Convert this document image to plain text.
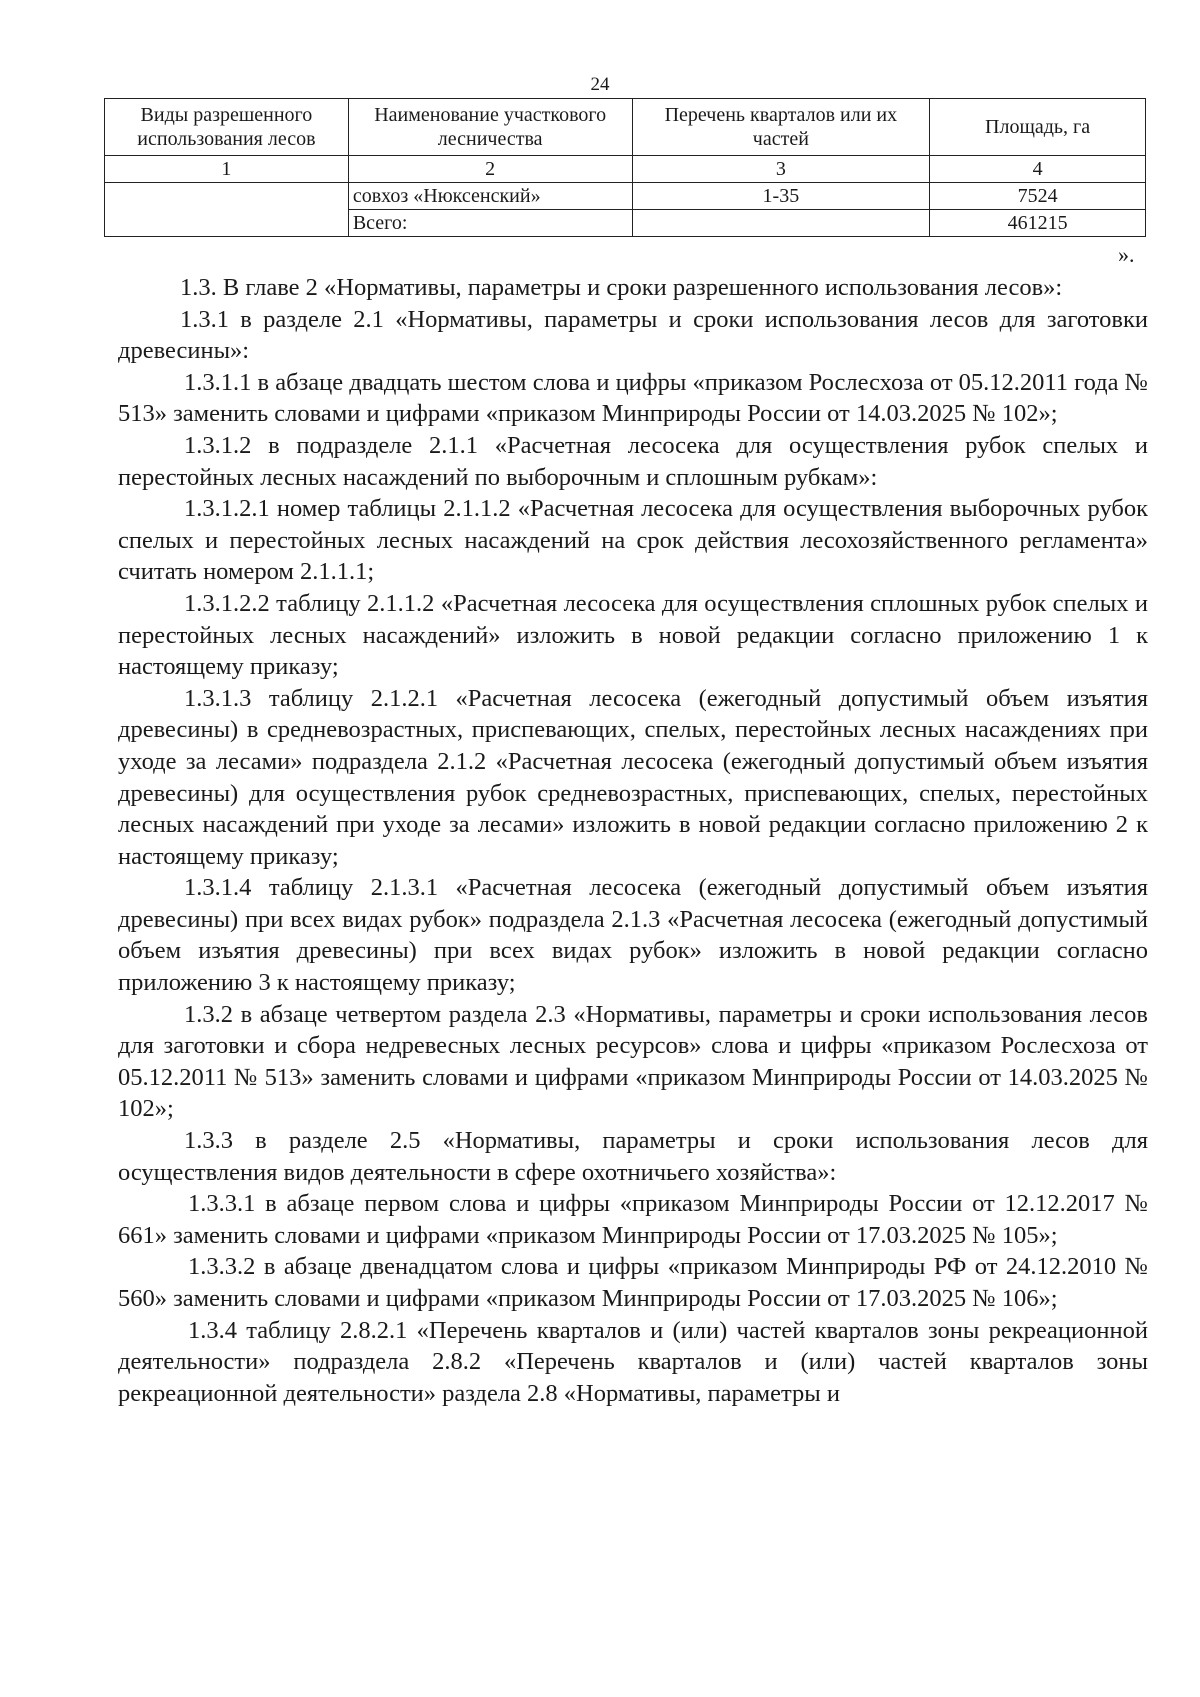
24
Виды разрешенного использования лесов	Наименование участкового лесничества	Перечень кварталов или их частей	Площадь, га
1	2	3	4
	совхоз «Нюксенский»	1-35	7524
	Всего:		461215
».

1.3. В главе 2 «Нормативы, параметры и сроки разрешенного использования лесов»:

1.3.1 в разделе 2.1 «Нормативы, параметры и сроки использования лесов для заготовки древесины»:

1.3.1.1 в абзаце двадцать шестом слова и цифры «приказом Рослесхоза от 05.12.2011 года № 513» заменить словами и цифрами «приказом Минприроды России от 14.03.2025 № 102»;

1.3.1.2 в подразделе 2.1.1 «Расчетная лесосека для осуществления рубок спелых и перестойных лесных насаждений по выборочным и сплошным рубкам»:

1.3.1.2.1 номер таблицы 2.1.1.2 «Расчетная лесосека для осуществления выборочных рубок спелых и перестойных лесных насаждений на срок действия лесохозяйственного регламента» считать номером 2.1.1.1;

1.3.1.2.2 таблицу 2.1.1.2 «Расчетная лесосека для осуществления сплошных рубок спелых и перестойных лесных насаждений» изложить в новой редакции согласно приложению 1 к настоящему приказу;

1.3.1.3 таблицу 2.1.2.1 «Расчетная лесосека (ежегодный допустимый объем изъятия древесины) в средневозрастных, приспевающих, спелых, перестойных лесных насаждениях при уходе за лесами» подраздела 2.1.2 «Расчетная лесосека (ежегодный допустимый объем изъятия древесины) для осуществления рубок средневозрастных, приспевающих, спелых, перестойных лесных насаждений при уходе за лесами» изложить в новой редакции согласно приложению 2 к настоящему приказу;

1.3.1.4 таблицу 2.1.3.1 «Расчетная лесосека (ежегодный допустимый объем изъятия древесины) при всех видах рубок» подраздела 2.1.3 «Расчетная лесосека (ежегодный допустимый объем изъятия древесины) при всех видах рубок» изложить в новой редакции согласно приложению 3 к настоящему приказу;

1.3.2 в абзаце четвертом раздела 2.3 «Нормативы, параметры и сроки использования лесов для заготовки и сбора недревесных лесных ресурсов» слова и цифры «приказом Рослесхоза от 05.12.2011 № 513» заменить словами и цифрами «приказом Минприроды России от 14.03.2025 № 102»;

1.3.3 в разделе 2.5 «Нормативы, параметры и сроки использования лесов для осуществления видов деятельности в сфере охотничьего хозяйства»:

1.3.3.1 в абзаце первом слова и цифры «приказом Минприроды России от 12.12.2017 № 661» заменить словами и цифрами «приказом Минприроды России от 17.03.2025 № 105»;

1.3.3.2 в абзаце двенадцатом слова и цифры «приказом Минприроды РФ от 24.12.2010 № 560» заменить словами и цифрами «приказом Минприроды России от 17.03.2025 № 106»;

1.3.4 таблицу 2.8.2.1 «Перечень кварталов и (или) частей кварталов зоны рекреационной деятельности» подраздела 2.8.2 «Перечень кварталов и (или) частей кварталов зоны рекреационной деятельности» раздела 2.8 «Нормативы, параметры и
